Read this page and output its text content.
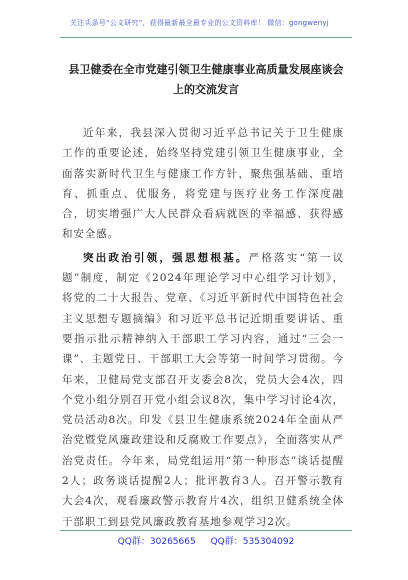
关注头条号“公文研究”，获得最新最全最专业的公文资料库！ 微信：gongwenyj
县卫健委在全市党建引领卫生健康事业高质量发展座谈会
上的交流发言

近年来，我县深入贯彻习近平总书记关于卫生健康工作的重要论述，始终坚持党建引领卫生健康事业，全面落实新时代卫生与健康工作方针，聚焦强基础、重培育、抓重点、优服务，将党建与医疗业务工作深度融合，切实增强广大人民群众看病就医的幸福感、获得感和安全感。

突出政治引领，强思想根基。严格落实“第一议题”制度，制定《2024年理论学习中心组学习计划》，将党的二十大报告、党章、《习近平新时代中国特色社会主义思想专题摘编》和习近平总书记近期重要讲话、重要指示批示精神纳入干部职工学习内容，通过“三会一课”、主题党日、干部职工大会等第一时间学习贯彻。今年来，卫健局党支部召开支委会8次，党员大会4次，四个党小组分别召开党小组会议8次，集中学习讨论4次，党员活动8次。印发《县卫生健康系统2024年全面从严治党暨党风廉政建设和反腐败工作要点》，全面落实从严治党责任。今年来，局党组运用“第一种形态”谈话提醒2人；政务谈话提醒2人；批评教育3人。召开警示教育大会4次，观看廉政警示教育片4次，组织卫健系统全体干部职工到县党风廉政教育基地参观学习2次。

QQ群：30265665 QQ群：535304092
